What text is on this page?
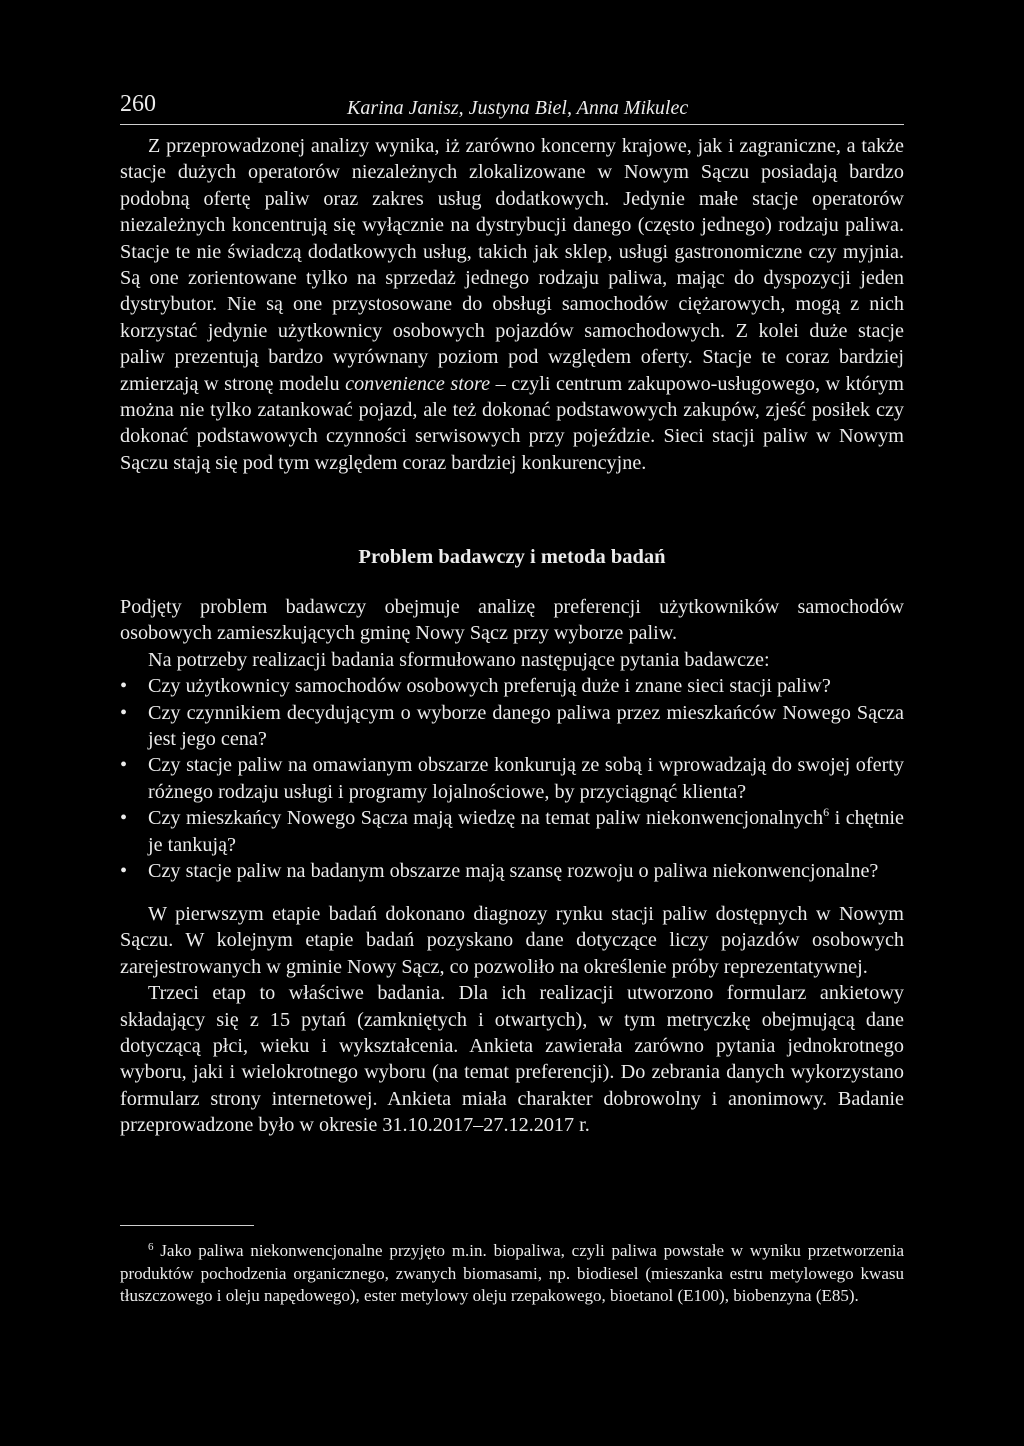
260	Karina Janisz, Justyna Biel, Anna Mikulec

Z przeprowadzonej analizy wynika, iż zarówno koncerny krajowe, jak i zagraniczne, a także stacje dużych operatorów niezależnych zlokalizowane w Nowym Sączu posiadają bardzo podobną ofertę paliw oraz zakres usług dodatkowych. Jedynie małe stacje operatorów niezależnych koncentrują się wyłącznie na dystrybucji danego (często jednego) rodzaju paliwa. Stacje te nie świadczą dodatkowych usług, takich jak sklep, usługi gastronomiczne czy myjnia. Są one zorientowane tylko na sprzedaż jednego rodzaju paliwa, mając do dyspozycji jeden dystrybutor. Nie są one przystosowane do obsługi samochodów ciężarowych, mogą z nich korzystać jedynie użytkownicy osobowych pojazdów samochodowych. Z kolei duże stacje paliw prezentują bardzo wyrównany poziom pod względem oferty. Stacje te coraz bardziej zmierzają w stronę modelu convenience store – czyli centrum zakupowo-usługowego, w którym można nie tylko zatankować pojazd, ale też dokonać podstawowych zakupów, zjeść posiłek czy dokonać podstawowych czynności serwisowych przy pojeździe. Sieci stacji paliw w Nowym Sączu stają się pod tym względem coraz bardziej konkurencyjne.

Problem badawczy i metoda badań

Podjęty problem badawczy obejmuje analizę preferencji użytkowników samochodów osobowych zamieszkujących gminę Nowy Sącz przy wyborze paliw.

Na potrzeby realizacji badania sformułowano następujące pytania badawcze:

• Czy użytkownicy samochodów osobowych preferują duże i znane sieci stacji paliw?
• Czy czynnikiem decydującym o wyborze danego paliwa przez mieszkańców Nowego Sącza jest jego cena?
• Czy stacje paliw na omawianym obszarze konkurują ze sobą i wprowadzają do swojej oferty różnego rodzaju usługi i programy lojalnościowe, by przyciągnąć klienta?
• Czy mieszkańcy Nowego Sącza mają wiedzę na temat paliw niekonwencjonalnych$^6$ i chętnie je tankują?
• Czy stacje paliw na badanym obszarze mają szansę rozwoju o paliwa niekonwencjonalne?

W pierwszym etapie badań dokonano diagnozy rynku stacji paliw dostępnych w Nowym Sączu. W kolejnym etapie badań pozyskano dane dotyczące liczy pojazdów osobowych zarejestrowanych w gminie Nowy Sącz, co pozwoliło na określenie próby reprezentatywnej.

Trzeci etap to właściwe badania. Dla ich realizacji utworzono formularz ankietowy składający się z 15 pytań (zamkniętych i otwartych), w tym metryczkę obejmującą dane dotyczącą płci, wieku i wykształcenia. Ankieta zawierała zarówno pytania jednokrotnego wyboru, jaki i wielokrotnego wyboru (na temat preferencji). Do zebrania danych wykorzystano formularz strony internetowej. Ankieta miała charakter dobrowolny i anonimowy. Badanie przeprowadzone było w okresie 31.10.2017–27.12.2017 r.

$^6$ Jako paliwa niekonwencjonalne przyjęto m.in. biopaliwa, czyli paliwa powstałe w wyniku przetworzenia produktów pochodzenia organicznego, zwanych biomasami, np. biodiesel (mieszanka estru metylowego kwasu tłuszczowego i oleju napędowego), ester metylowy oleju rzepakowego, bioetanol (E100), biobenzyna (E85).
